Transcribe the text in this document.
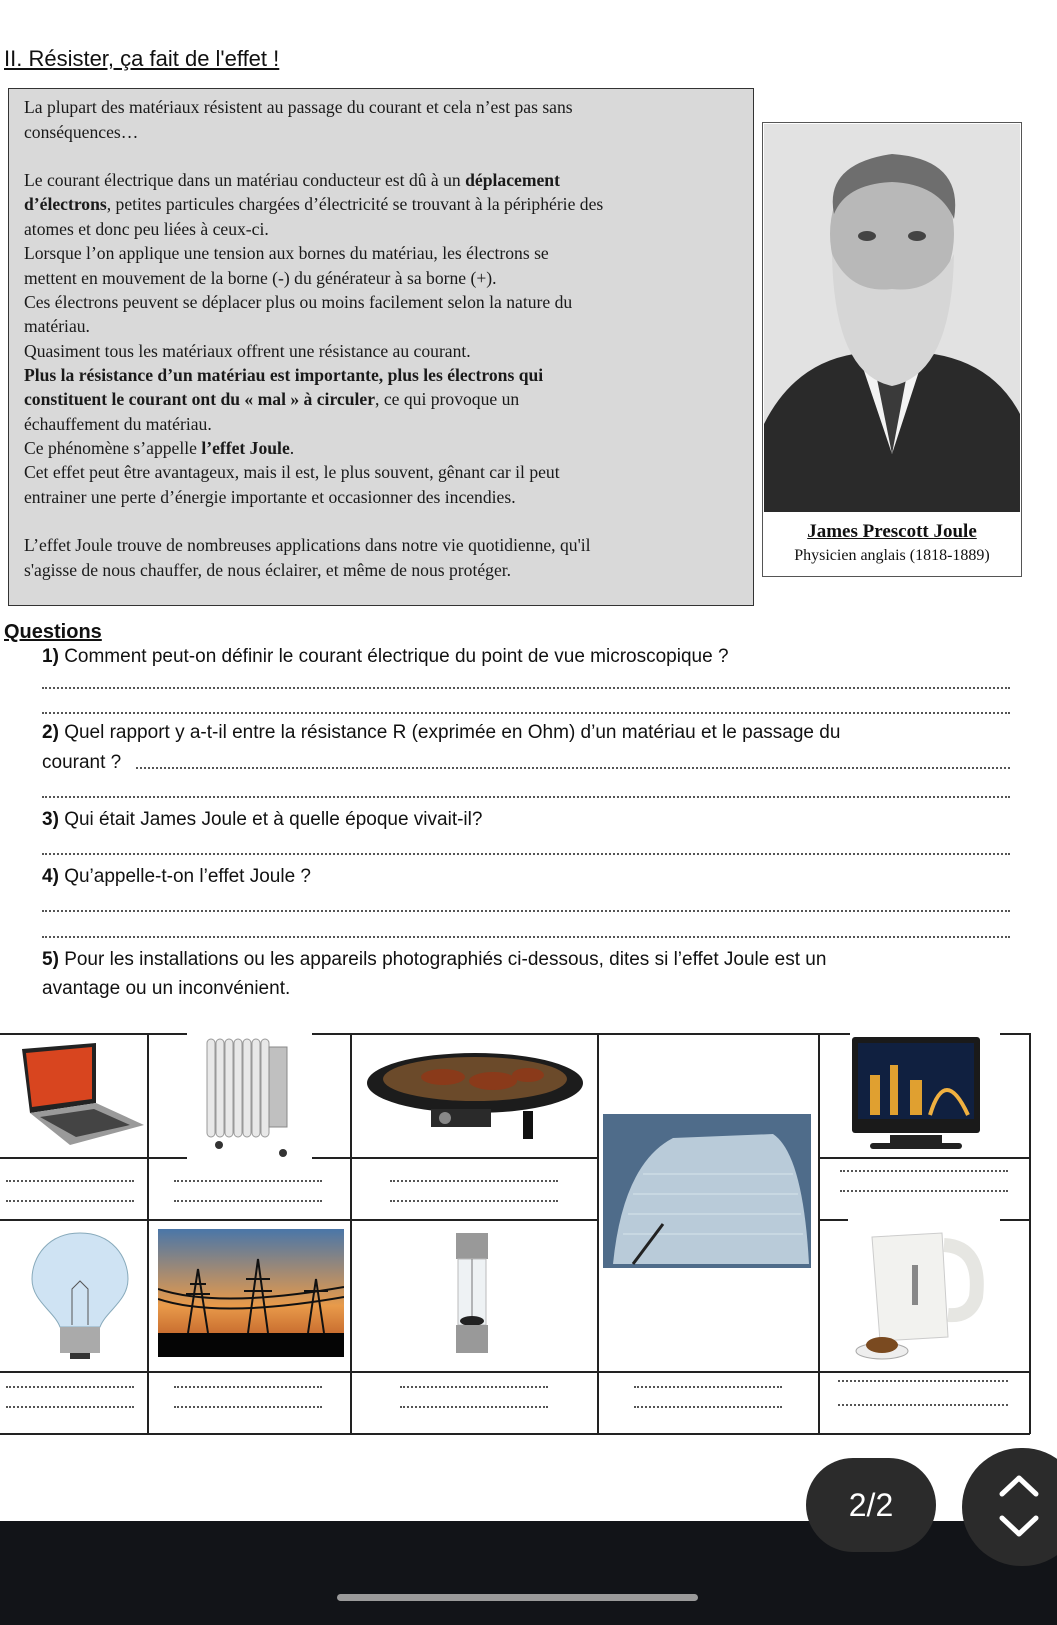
II. Résister, ça fait de l'effet !

La plupart des matériaux résistent au passage du courant et cela n’est pas sans

conséquences…

Le courant électrique dans un matériau conducteur est dû à un déplacement

d’électrons, petites particules chargées d’électricité se trouvant à la périphérie des

atomes et donc peu liées à ceux-ci.

Lorsque l’on applique une tension aux bornes du matériau, les électrons se

mettent en mouvement de la borne (-) du générateur à sa borne (+).

Ces électrons peuvent se déplacer plus ou moins facilement selon la nature du

matériau.

Quasiment tous les matériaux offrent une résistance au courant.

Plus la résistance d’un matériau est importante, plus les électrons qui

constituent le courant ont du « mal » à circuler, ce qui provoque un

échauffement du matériau.

Ce phénomène s’appelle l’effet Joule.

Cet effet peut être avantageux, mais il est, le plus souvent, gênant car il peut

entrainer une perte d’énergie importante et occasionner des incendies.

L’effet Joule trouve de nombreuses applications dans notre vie quotidienne, qu'il

s'agisse de nous chauffer, de nous éclairer, et même de nous protéger.

James Prescott Joule
Physicien anglais (1818-1889)
Questions
1) Comment peut-on définir le courant électrique du point de vue microscopique ?
2) Quel rapport y a-t-il entre la résistance R (exprimée en Ohm) d’un matériau et le passage du
courant ?
3) Qui était James Joule et à quelle époque vivait-il?
4) Qu’appelle-t-on l’effet Joule ?
5) Pour les installations ou les appareils photographiés ci-dessous, dites si l’effet Joule est un
avantage ou un inconvénient.
2/2
